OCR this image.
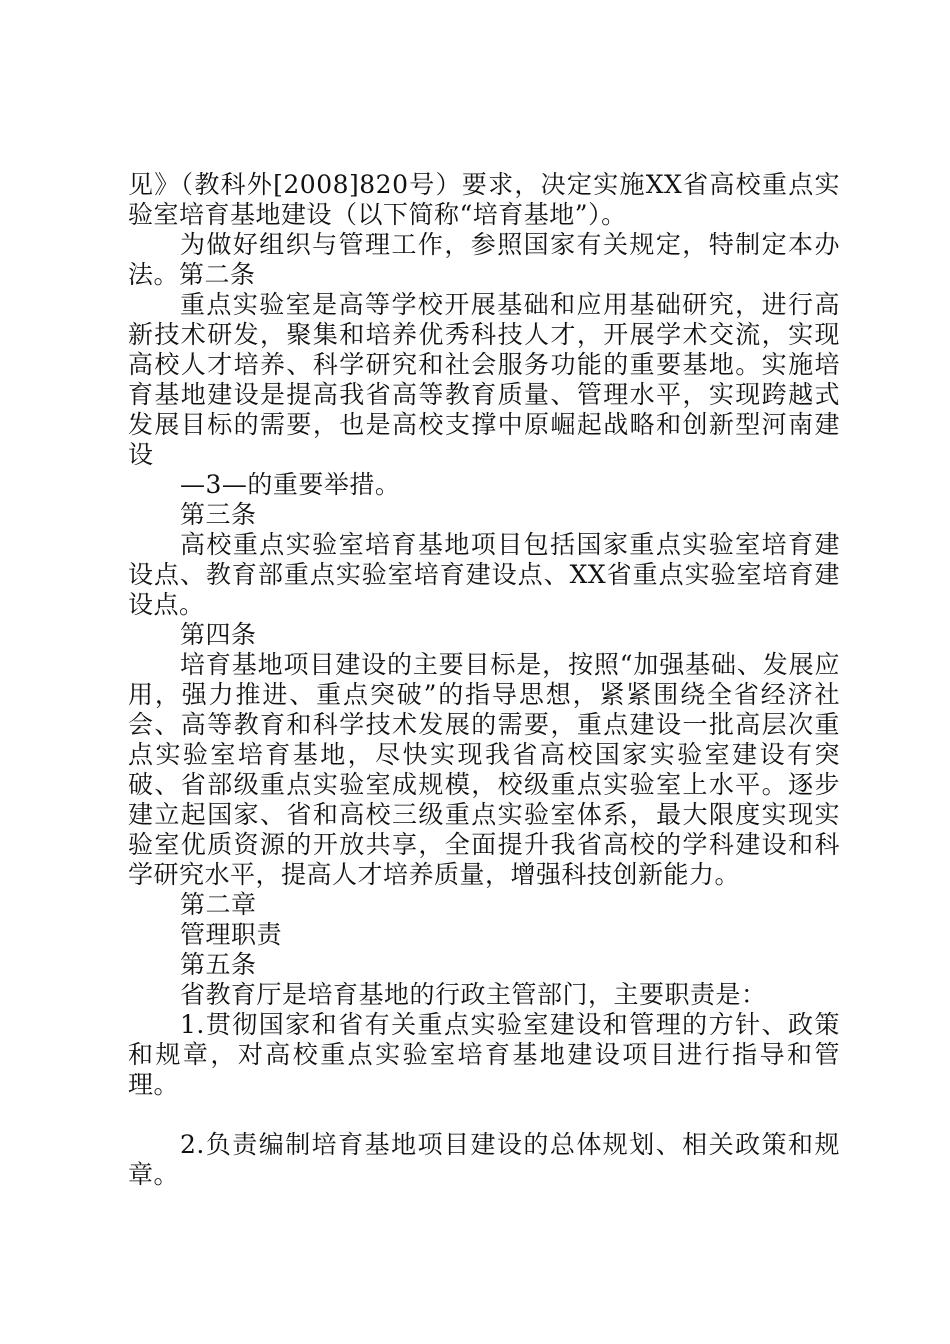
见》（教科外[2008]820号）要求，决定实施XX省高校重点实验室培育基地建设（以下简称“培育基地”）。

为做好组织与管理工作，参照国家有关规定，特制定本办法。第二条

重点实验室是高等学校开展基础和应用基础研究，进行高新技术研发，聚集和培养优秀科技人才，开展学术交流，实现高校人才培养、科学研究和社会服务功能的重要基地。实施培育基地建设是提高我省高等教育质量、管理水平，实现跨越式发展目标的需要，也是高校支撑中原崛起战略和创新型河南建设

—3—的重要举措。

第三条

高校重点实验室培育基地项目包括国家重点实验室培育建设点、教育部重点实验室培育建设点、XX省重点实验室培育建设点。

第四条

培育基地项目建设的主要目标是，按照“加强基础、发展应用，强力推进、重点突破”的指导思想，紧紧围绕全省经济社会、高等教育和科学技术发展的需要，重点建设一批高层次重点实验室培育基地，尽快实现我省高校国家实验室建设有突破、省部级重点实验室成规模，校级重点实验室上水平。逐步建立起国家、省和高校三级重点实验室体系，最大限度实现实验室优质资源的开放共享，全面提升我省高校的学科建设和科学研究水平，提高人才培养质量，增强科技创新能力。

第二章

管理职责

第五条

省教育厅是培育基地的行政主管部门，主要职责是：

1.贯彻国家和省有关重点实验室建设和管理的方针、政策和规章，对高校重点实验室培育基地建设项目进行指导和管理。

2.负责编制培育基地项目建设的总体规划、相关政策和规章。
